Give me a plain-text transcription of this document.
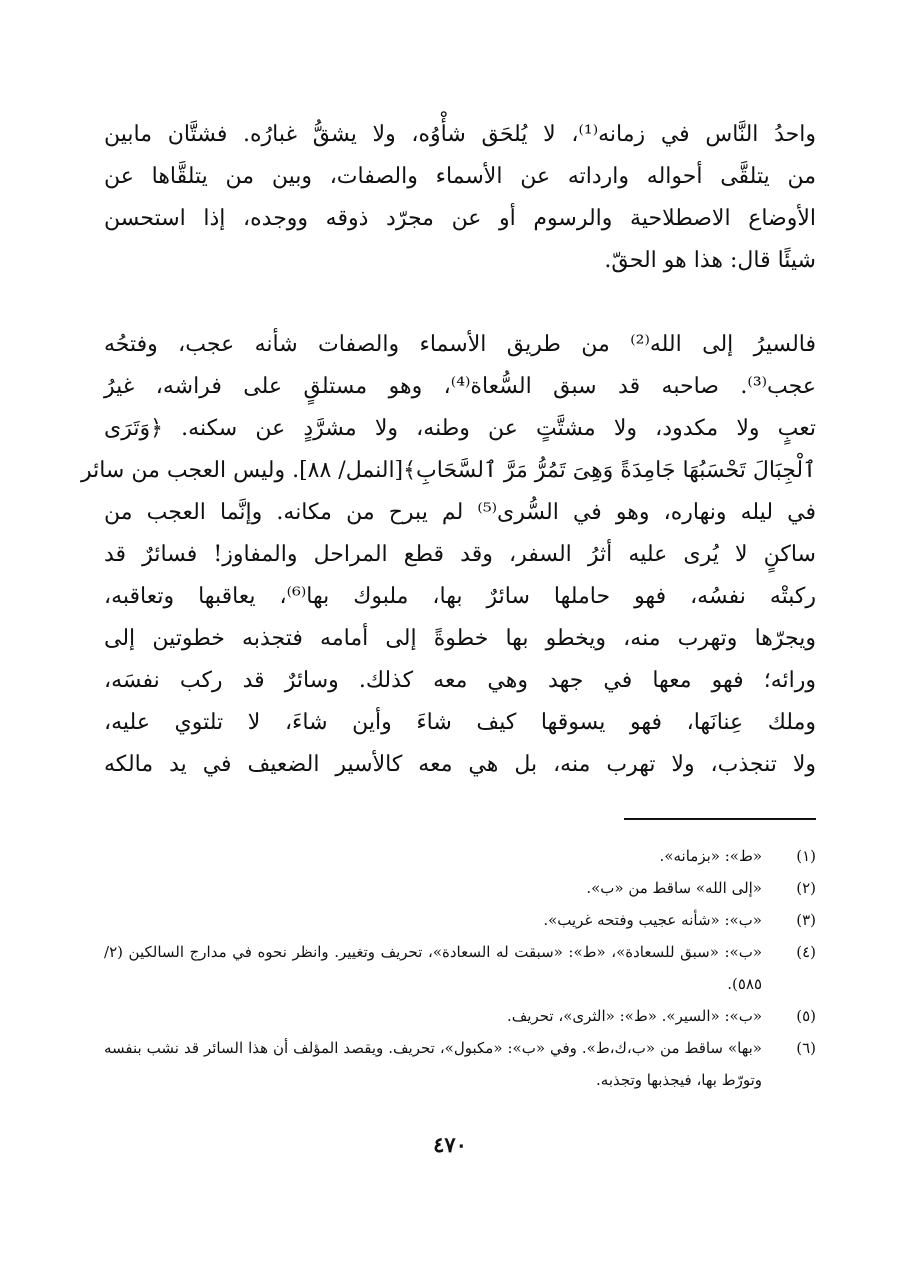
واحدُ النَّاس في زمانه⁽¹⁾، لا يُلحَق شأْوُه، ولا يشقُّ غبارُه. فشتَّان مابين
من يتلقَّى أحواله وارداته عن الأسماء والصفات، وبين من يتلقَّاها عن
الأوضاع الاصطلاحية والرسوم أو عن مجرّد ذوقه ووجده، إذا استحسن
شيئًا قال: هذا هو الحقّ.
فالسيرُ إلى الله⁽²⁾ من طريق الأسماء والصفات شأنه عجب، وفتحُه
عجب⁽³⁾. صاحبه قد سبق السُّعاة⁽⁴⁾، وهو مستلقٍ على فراشه، غيرُ
تعبٍ ولا مكدود، ولا مشتَّتٍ عن وطنه، ولا مشرَّدٍ عن سكنه. ﴿وَتَرَى
ٱلْجِبَالَ تَحْسَبُهَا جَامِدَةً وَهِىَ تَمُرُّ مَرَّ ٱلسَّحَابِ﴾[النمل/ ٨٨]. وليس العجب من سائر
في ليله ونهاره، وهو في السُّرى⁽⁵⁾ لم يبرح من مكانه. وإنَّما العجب من
ساكنٍ لا يُرى عليه أثرُ السفر، وقد قطع المراحل والمفاوز! فسائرٌ قد
ركبتْه نفسُه، فهو حاملها سائرٌ بها، ملبوك بها⁽⁶⁾، يعاقبها وتعاقبه،
ويجرّها وتهرب منه، ويخطو بها خطوةً إلى أمامه فتجذبه خطوتين إلى
ورائه؛ فهو معها في جهد وهي معه كذلك. وسائرٌ قد ركب نفسَه،
وملك عِنانَها، فهو يسوقها كيف شاءَ وأين شاءَ، لا تلتوي عليه،
ولا تنجذب، ولا تهرب منه، بل هي معه كالأسير الضعيف في يد مالكه
(١)
«ط»: «بزمانه».
(٢)
«إلى الله» ساقط من «ب».
(٣)
«ب»: «شأنه عجيب وفتحه غريب».
(٤)
«ب»: «سبق للسعادة»، «ط»: «سبقت له السعادة»، تحريف وتغيير. وانظر نحوه في مدارج السالكين (٢/ ٥٨٥).
(٥)
«ب»: «السير». «ط»: «الثرى»، تحريف.
(٦)
«بها» ساقط من «ب،ك،ط». وفي «ب»: «مكبول»، تحريف. ويقصد المؤلف أن هذا السائر قد نشب بنفسه وتورّط بها، فيجذبها وتجذبه.
٤٧٠
